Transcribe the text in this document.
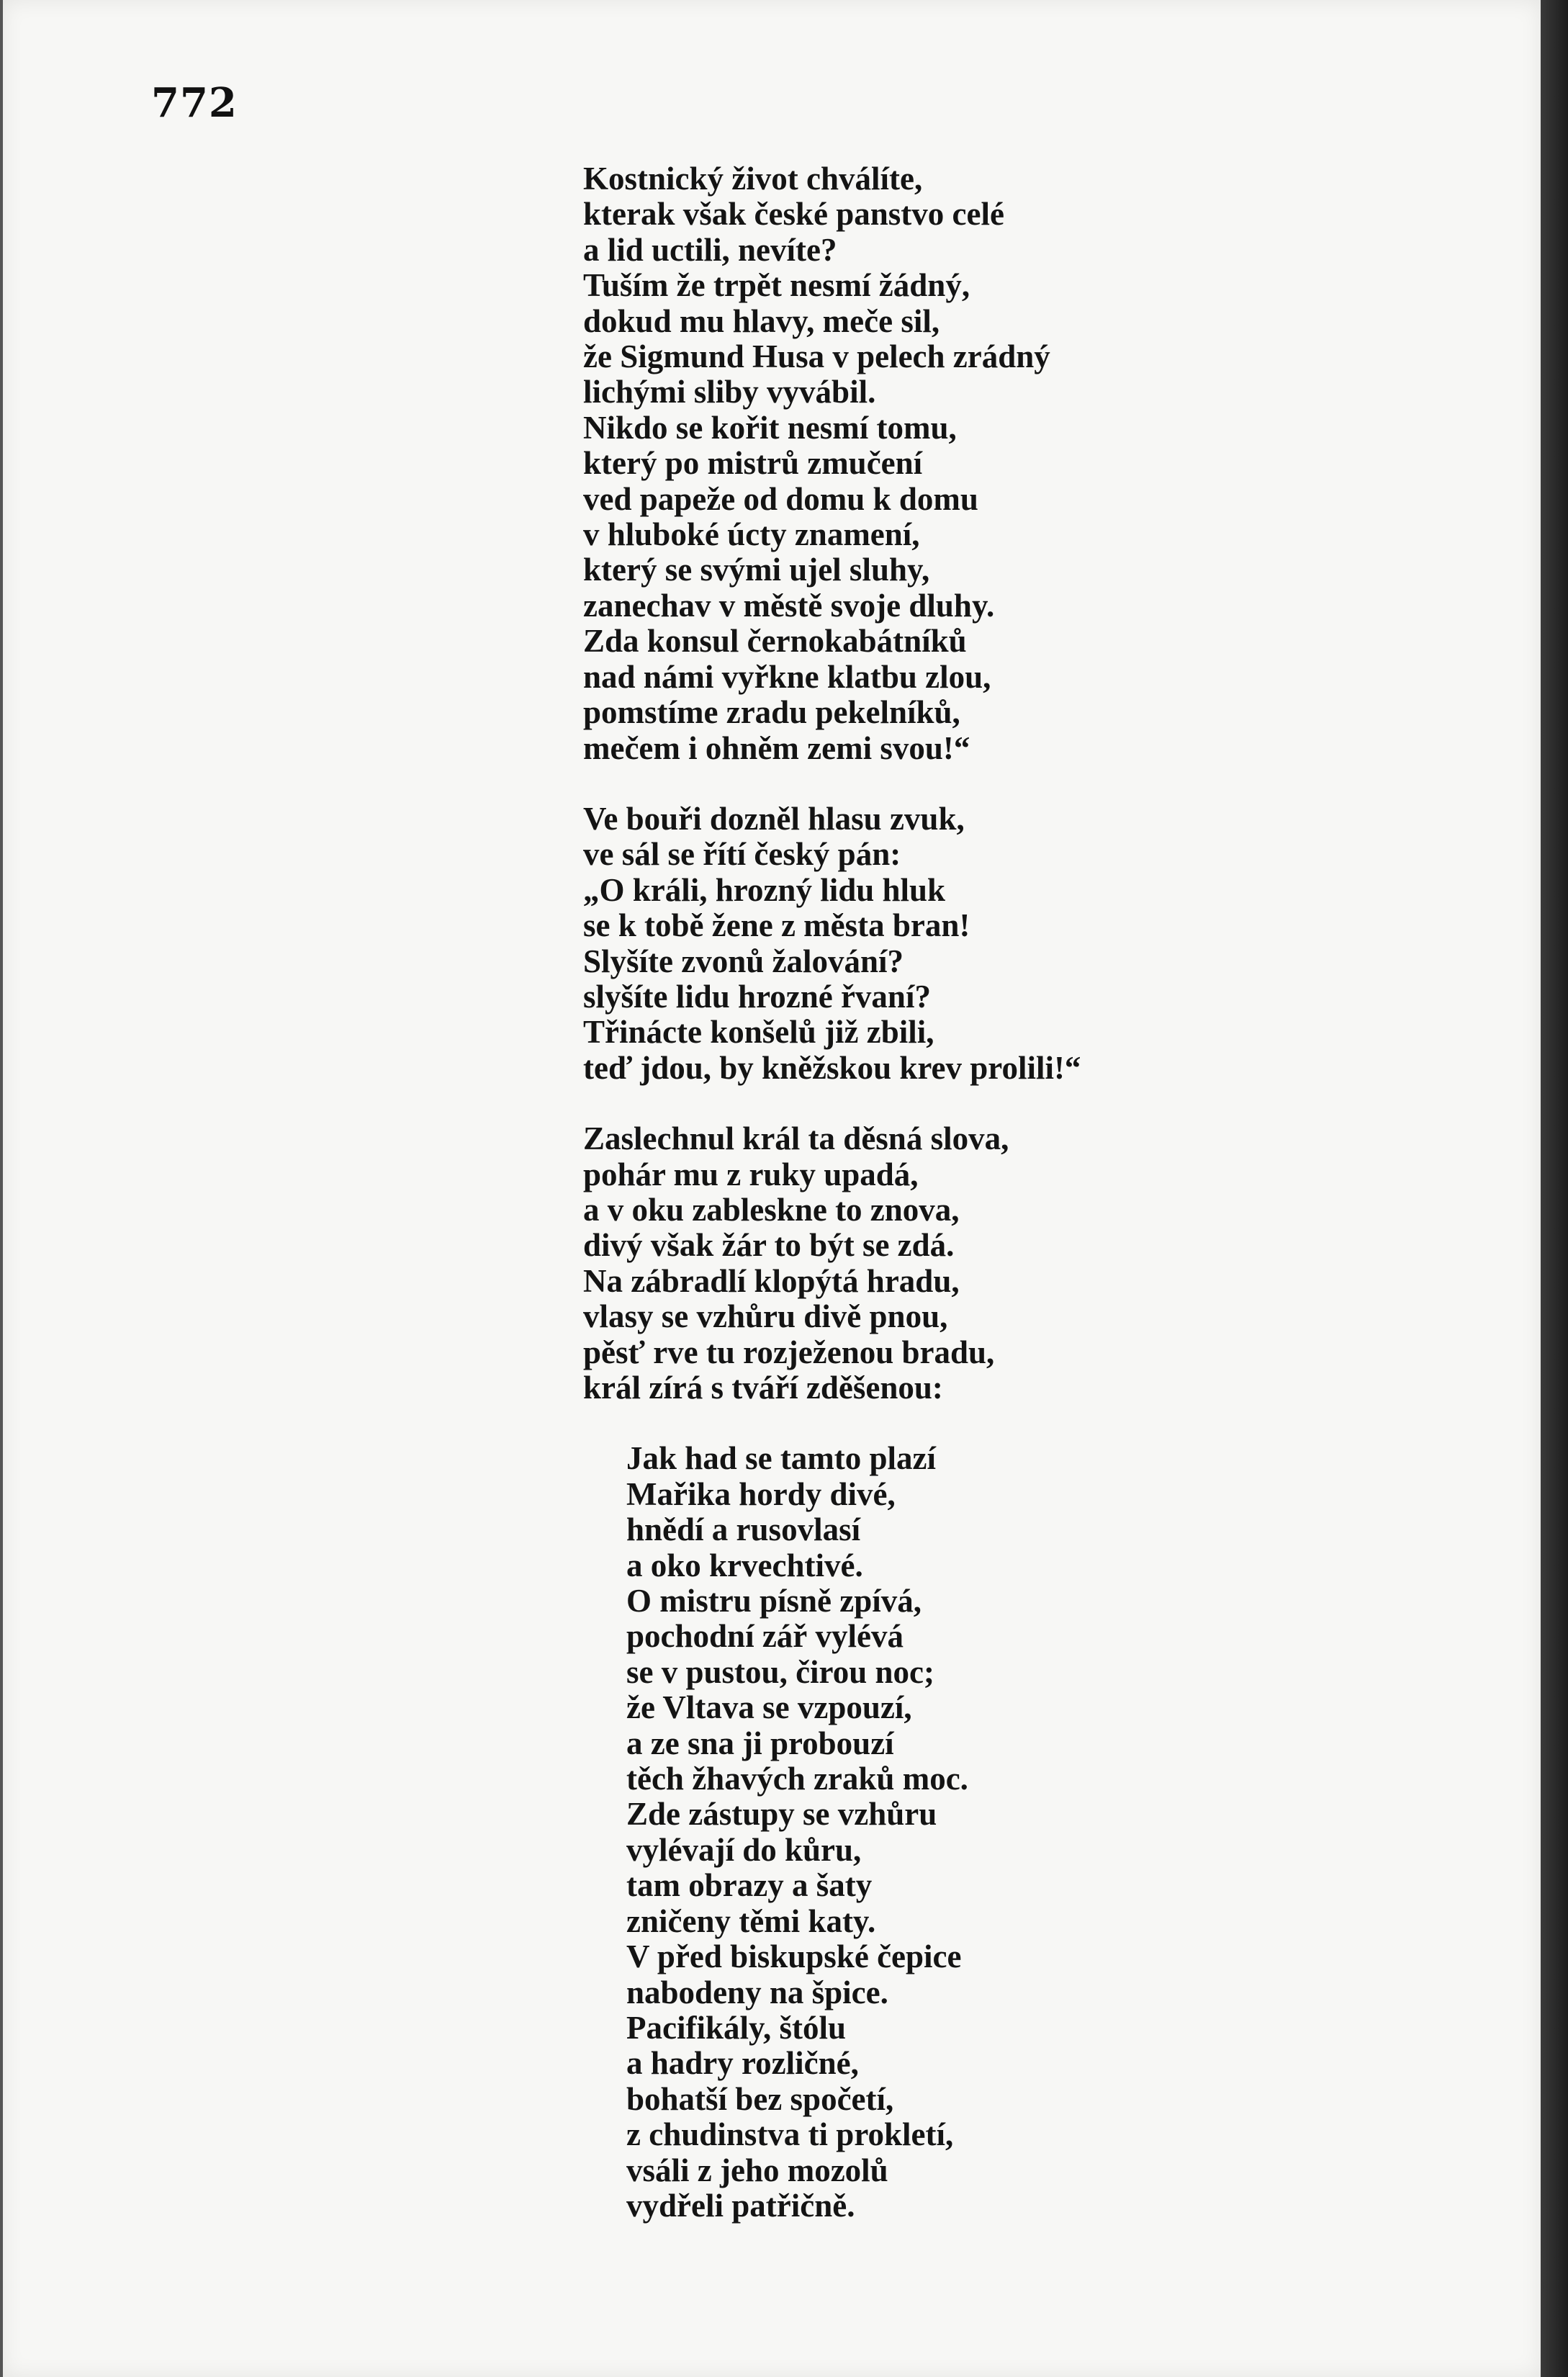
772
Kostnický život chválíte,
kterak však české panstvo celé
a lid uctili, nevíte?
Tuším že trpět nesmí žádný,
dokud mu hlavy, meče sil,
že Sigmund Husa v pelech zrádný
lichými sliby vyvábil.
Nikdo se kořit nesmí tomu,
který po mistrů zmučení
ved papeže od domu k domu
v hluboké úcty znamení,
který se svými ujel sluhy,
zanechav v městě svoje dluhy.
Zda konsul černokabátníků
nad námi vyřkne klatbu zlou,
pomstíme zradu pekelníků,
mečem i ohněm zemi svou!“
Ve bouři dozněl hlasu zvuk,
ve sál se řítí český pán:
„O králi, hrozný lidu hluk
se k tobě žene z města bran!
Slyšíte zvonů žalování?
slyšíte lidu hrozné řvaní?
Třinácte konšelů již zbili,
teď jdou, by kněžskou krev prolili!“
Zaslechnul král ta děsná slova,
pohár mu z ruky upadá,
a v oku zableskne to znova,
divý však žár to být se zdá.
Na zábradlí klopýtá hradu,
vlasy se vzhůru divě pnou,
pěsť rve tu rozježenou bradu,
král zírá s tváří zděšenou:
Jak had se tamto plazí
Mařika hordy divé,
hnědí a rusovlasí
a oko krvechtivé.
O mistru písně zpívá,
pochodní zář vylévá
se v pustou, čirou noc;
že Vltava se vzpouzí,
a ze sna ji probouzí
těch žhavých zraků moc.
Zde zástupy se vzhůru
vylévají do kůru,
tam obrazy a šaty
zničeny těmi katy.
V před biskupské čepice
nabodeny na špice.
Pacifikály, štólu
a hadry rozličné,
bohatší bez spočetí,
z chudinstva ti prokletí,
vsáli z jeho mozolů
vydřeli patřičně.
